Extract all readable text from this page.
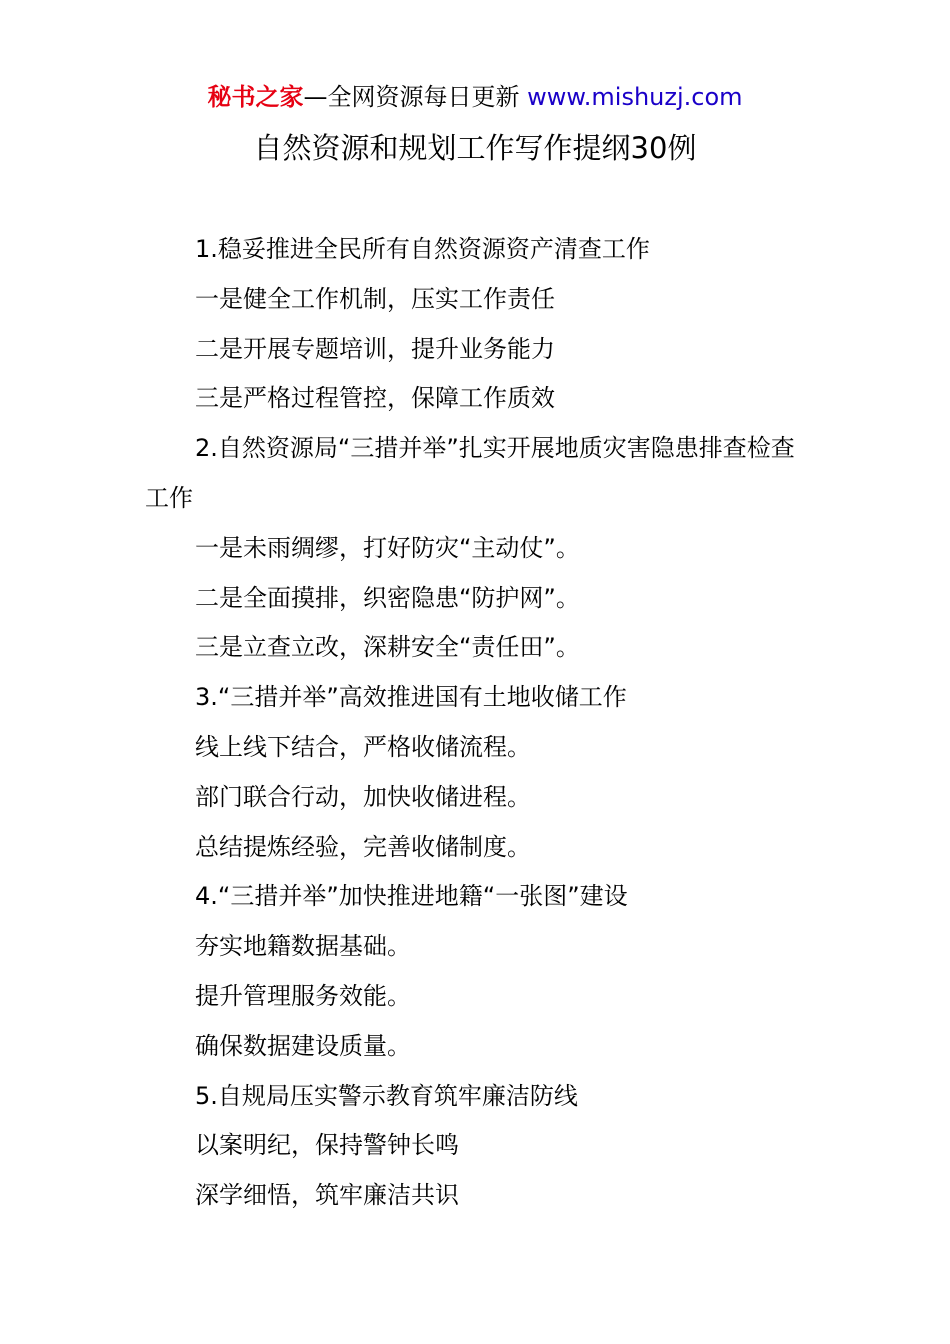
秘书之家—全网资源每日更新 www.mishuzj.com
自然资源和规划工作写作提纲30例

1.稳妥推进全民所有自然资源资产清查工作

一是健全工作机制，压实工作责任

二是开展专题培训，提升业务能力

三是严格过程管控，保障工作质效

2.自然资源局“三措并举”扎实开展地质灾害隐患排查检查工作

一是未雨绸缪，打好防灾“主动仗”。

二是全面摸排，织密隐患“防护网”。

三是立查立改，深耕安全“责任田”。

3.“三措并举”高效推进国有土地收储工作

线上线下结合，严格收储流程。

部门联合行动，加快收储进程。

总结提炼经验，完善收储制度。

4.“三措并举”加快推进地籍“一张图”建设

夯实地籍数据基础。

提升管理服务效能。

确保数据建设质量。

5.自规局压实警示教育筑牢廉洁防线

以案明纪，保持警钟长鸣

深学细悟，筑牢廉洁共识
